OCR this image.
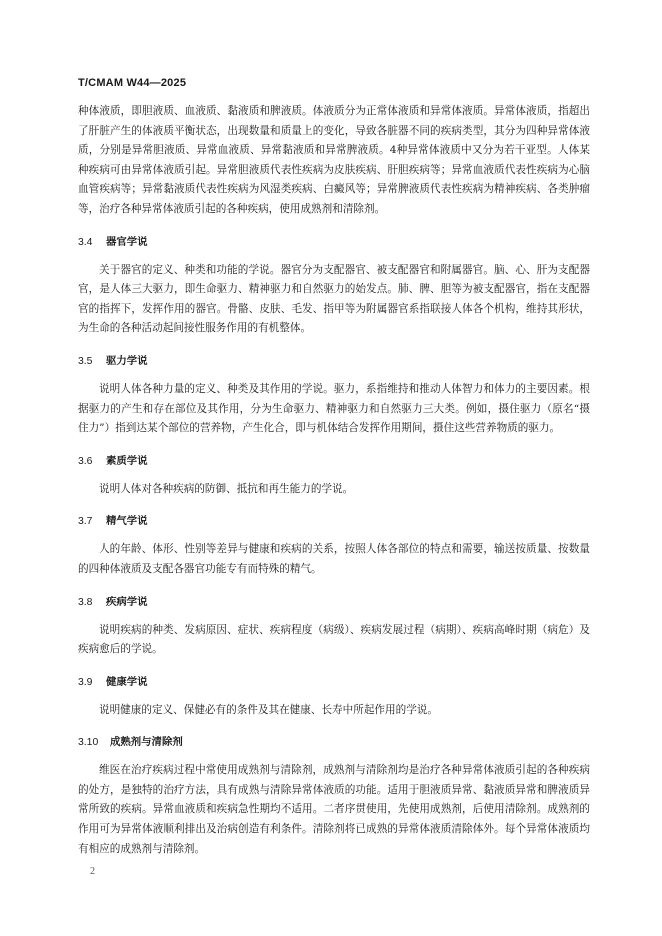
T/CMAM W44—2025

种体液质，即胆液质、血液质、黏液质和脾液质。体液质分为正常体液质和异常体液质。异常体液质，指超出了肝脏产生的体液质平衡状态，出现数量和质量上的变化，导致各脏器不同的疾病类型，其分为四种异常体液质，分别是异常胆液质、异常血液质、异常黏液质和异常脾液质。4种异常体液质中又分为若干亚型。人体某种疾病可由异常体液质引起。异常胆液质代表性疾病为皮肤疾病、肝胆疾病等；异常血液质代表性疾病为心脑血管疾病等；异常黏液质代表性疾病为风湿类疾病、白癜风等；异常脾液质代表性疾病为精神疾病、各类肿瘤等，治疗各种异常体液质引起的各种疾病，使用成熟剂和清除剂。

3.4 器官学说

关于器官的定义、种类和功能的学说。器官分为支配器官、被支配器官和附属器官。脑、心、肝为支配器官，是人体三大驱力，即生命驱力、精神驱力和自然驱力的始发点。肺、脾、胆等为被支配器官，指在支配器官的指挥下，发挥作用的器官。骨骼、皮肤、毛发、指甲等为附属器官系指联接人体各个机构，维持其形状，为生命的各种活动起间接性服务作用的有机整体。

3.5 驱力学说

说明人体各种力量的定义、种类及其作用的学说。驱力，系指维持和推动人体智力和体力的主要因素。根据驱力的产生和存在部位及其作用，分为生命驱力、精神驱力和自然驱力三大类。例如，摄住驱力（原名“摄住力”）指到达某个部位的营养物，产生化合，即与机体结合发挥作用期间，摄住这些营养物质的驱力。

3.6 素质学说

说明人体对各种疾病的防御、抵抗和再生能力的学说。

3.7 精气学说

人的年龄、体形、性别等差异与健康和疾病的关系，按照人体各部位的特点和需要，输送按质量、按数量的四种体液质及支配各器官功能专有而特殊的精气。

3.8 疾病学说

说明疾病的种类、发病原因、症状、疾病程度（病级）、疾病发展过程（病期）、疾病高峰时期（病危）及疾病愈后的学说。

3.9 健康学说

说明健康的定义、保健必有的条件及其在健康、长寿中所起作用的学说。

3.10 成熟剂与清除剂

维医在治疗疾病过程中常使用成熟剂与清除剂，成熟剂与清除剂均是治疗各种异常体液质引起的各种疾病的处方，是独特的治疗方法，具有成熟与清除异常体液质的功能。适用于胆液质异常、黏液质异常和脾液质异常所致的疾病。异常血液质和疾病急性期均不适用。二者序贯使用，先使用成熟剂，后使用清除剂。成熟剂的作用可为异常体液顺利排出及治病创造有利条件。清除剂将已成熟的异常体液质清除体外。每个异常体液质均有相应的成熟剂与清除剂。

2
